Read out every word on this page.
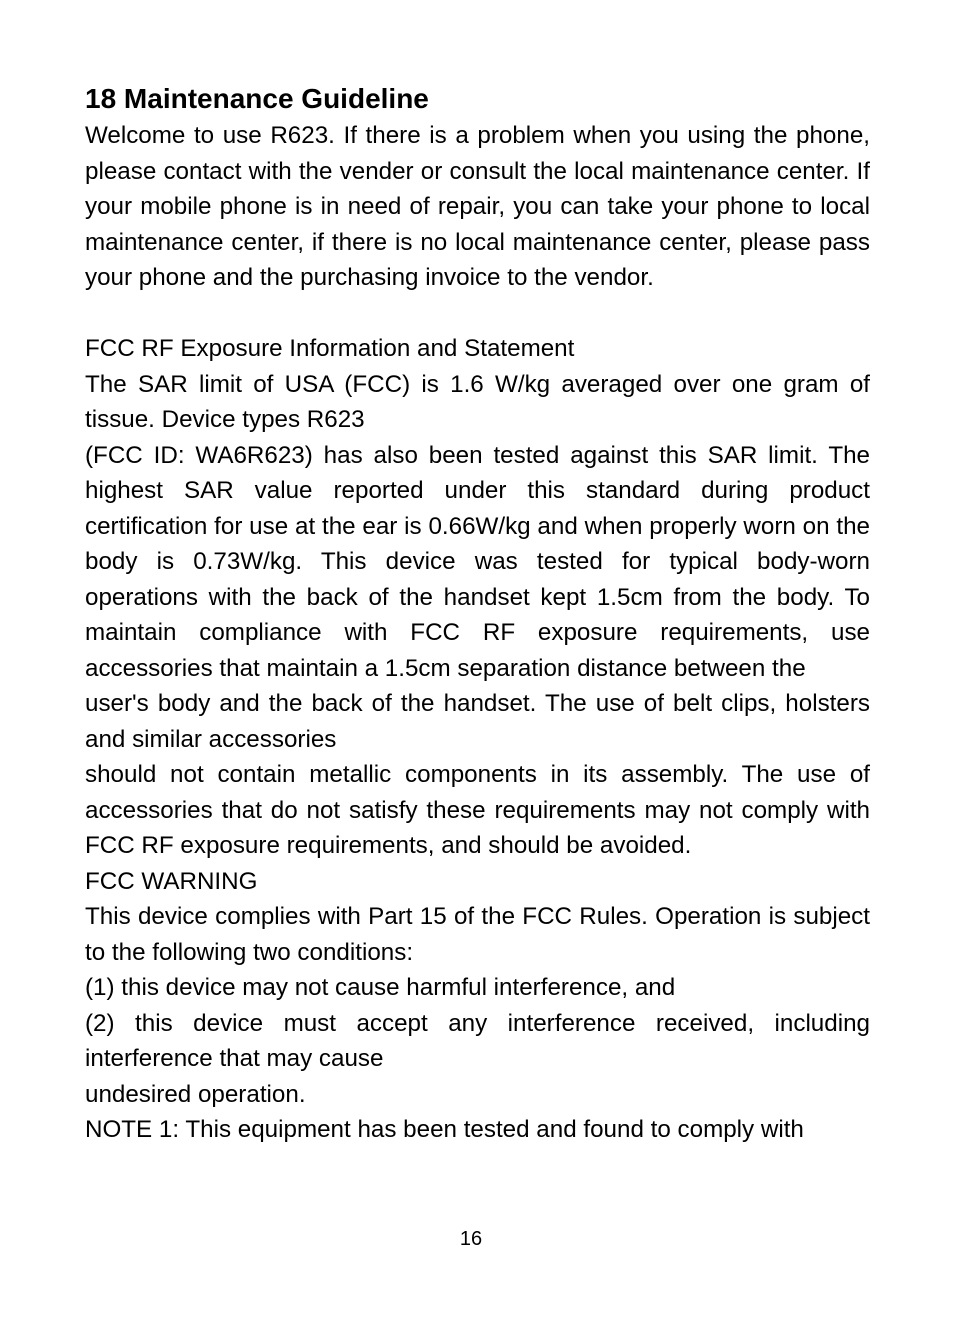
18 Maintenance Guideline

Welcome to use R623. If there is a problem when you using the phone, please contact with the vender or consult the local maintenance center. If your mobile phone is in need of repair, you can take your phone to local maintenance center, if there is no local maintenance center, please pass your phone and the purchasing invoice to the vendor.

FCC RF Exposure Information and Statement

The SAR limit of USA (FCC) is 1.6 W/kg averaged over one gram of tissue. Device types R623

(FCC ID: WA6R623) has also been tested against this SAR limit. The highest SAR value reported under this standard during product certification for use at the ear is 0.66W/kg and when properly worn on the body is 0.73W/kg. This device was tested for typical body-worn operations with the back of the handset kept 1.5cm from the body. To maintain compliance with FCC RF exposure requirements, use accessories that maintain a 1.5cm separation distance between the

user's body and the back of the handset. The use of belt clips, holsters and similar accessories

should not contain metallic components in its assembly. The use of accessories that do not satisfy these requirements may not comply with FCC RF exposure requirements, and should be avoided.

FCC WARNING

This device complies with Part 15 of the FCC Rules. Operation is subject to the following two conditions:

(1) this device may not cause harmful interference, and

(2) this device must accept any interference received, including interference that may cause

undesired operation.

NOTE 1: This equipment has been tested and found to comply with

16
